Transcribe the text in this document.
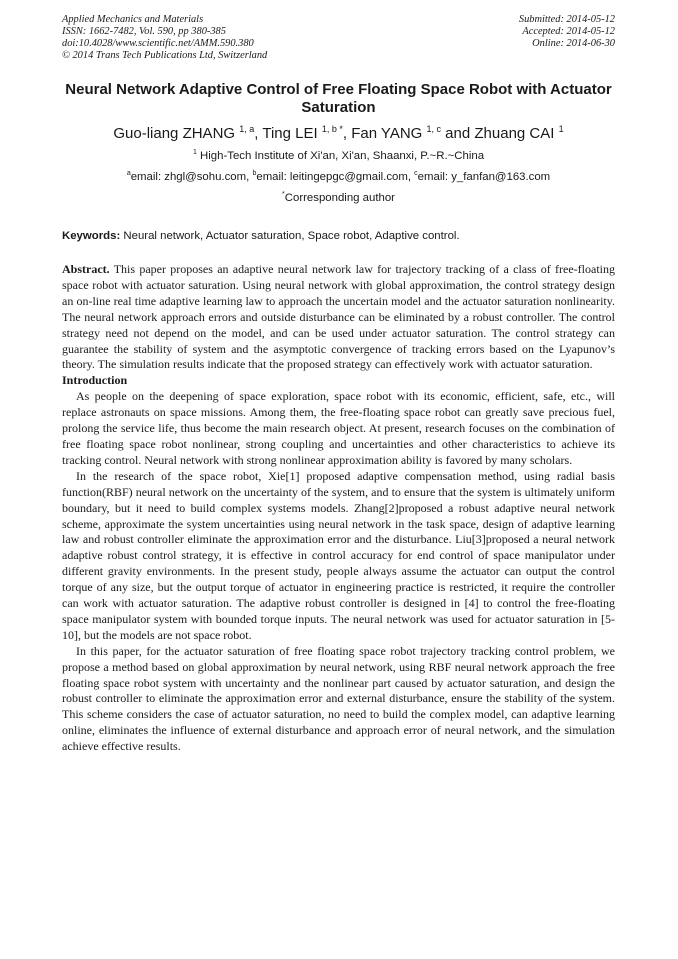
Applied Mechanics and Materials
ISSN: 1662-7482, Vol. 590, pp 380-385
doi:10.4028/www.scientific.net/AMM.590.380
© 2014 Trans Tech Publications Ltd, Switzerland
Submitted: 2014-05-12
Accepted: 2014-05-12
Online: 2014-06-30
Neural Network Adaptive Control of Free Floating Space Robot with Actuator Saturation
Guo-liang ZHANG $^{1, a}$, Ting LEI $^{1, b *}$, Fan YANG $^{1, c}$ and Zhuang CAI $^1$
$^1$ High-Tech Institute of Xi'an, Xi'an, Shaanxi, P.~R.~China
$^a$email: zhgl@sohu.com, $^b$email: leitingepgc@gmail.com, $^c$email: y_fanfan@163.com
*Corresponding author
Keywords: Neural network, Actuator saturation, Space robot, Adaptive control.

Abstract. This paper proposes an adaptive neural network law for trajectory tracking of a class of free-floating space robot with actuator saturation. Using neural network with global approximation, the control strategy design an on-line real time adaptive learning law to approach the uncertain model and the actuator saturation nonlinearity. The neural network approach errors and outside disturbance can be eliminated by a robust controller. The control strategy need not depend on the model, and can be used under actuator saturation. The control strategy can guarantee the stability of system and the asymptotic convergence of tracking errors based on the Lyapunov’s theory. The simulation results indicate that the proposed strategy can effectively work with actuator saturation.

Introduction

As people on the deepening of space exploration, space robot with its economic, efficient, safe, etc., will replace astronauts on space missions. Among them, the free-floating space robot can greatly save precious fuel, prolong the service life, thus become the main research object. At present, research focuses on the combination of free floating space robot nonlinear, strong coupling and uncertainties and other characteristics to achieve its tracking control. Neural network with strong nonlinear approximation ability is favored by many scholars.

In the research of the space robot, Xie[1] proposed adaptive compensation method, using radial basis function(RBF) neural network on the uncertainty of the system, and to ensure that the system is ultimately uniform boundary, but it need to build complex systems models. Zhang[2]proposed a robust adaptive neural network scheme, approximate the system uncertainties using neural network in the task space, design of adaptive learning law and robust controller eliminate the approximation error and the disturbance. Liu[3]proposed a neural network adaptive robust control strategy, it is effective in control accuracy for end control of space manipulator under different gravity environments. In the present study, people always assume the actuator can output the control torque of any size, but the output torque of actuator in engineering practice is restricted, it require the controller can work with actuator saturation. The adaptive robust controller is designed in [4] to control the free-floating space manipulator system with bounded torque inputs. The neural network was used for actuator saturation in [5-10], but the models are not space robot.

In this paper, for the actuator saturation of free floating space robot trajectory tracking control problem, we propose a method based on global approximation by neural network, using RBF neural network approach the free floating space robot system with uncertainty and the nonlinear part caused by actuator saturation, and design the robust controller to eliminate the approximation error and external disturbance, ensure the stability of the system. This scheme considers the case of actuator saturation, no need to build the complex model, can adaptive learning online, eliminates the influence of external disturbance and approach error of neural network, and the simulation achieve effective results.
